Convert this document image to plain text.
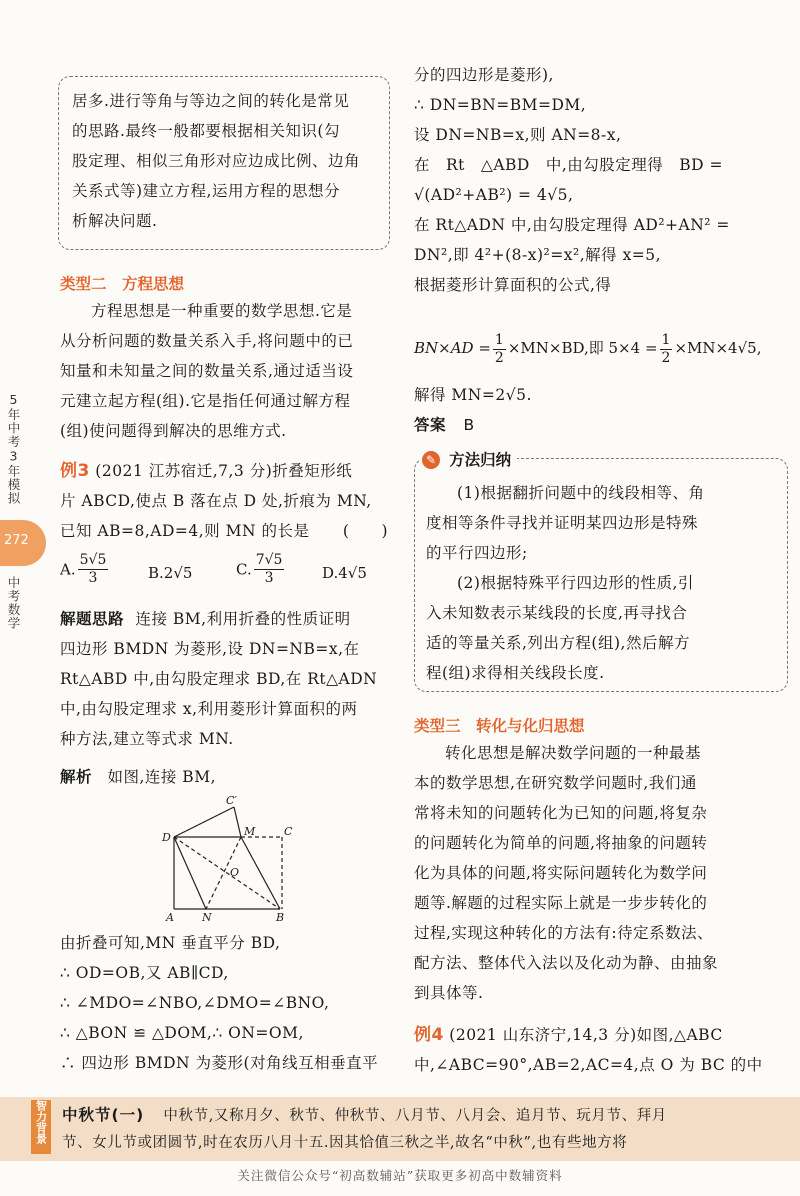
5年中考3年模拟
272
中考数学
居多.进行等角与等边之间的转化是常见
的思路.最终一般都要根据相关知识(勾
股定理、相似三角形对应边成比例、边角
关系式等)建立方程,运用方程的思想分
析解决问题.
类型二　方程思想
方程思想是一种重要的数学思想.它是
从分析问题的数量关系入手,将问题中的已
知量和未知量之间的数量关系,通过适当设
元建立起方程(组).它是指任何通过解方程
(组)使问题得到解决的思维方式.
例3 (2021 江苏宿迁,7,3 分)折叠矩形纸
片 ABCD,使点 B 落在点 D 处,折痕为 MN,
已知 AB=8,AD=4,则 MN 的长是 (　　)
A. $\frac{5√5}{3}$	B.2√5	C. $\frac{7√5}{3}$	D.4√5
解题思路 连接 BM,利用折叠的性质证明
四边形 BMDN 为菱形,设 DN=NB=x,在
Rt△ABD 中,由勾股定理求 BD,在 Rt△ADN
中,由勾股定理求 x,利用菱形计算面积的两
种方法,建立等式求 MN.
解析 如图,连接 BM,
C′
D	M	C
O
A	N	B
由折叠可知,MN 垂直平分 BD,
∴ OD=OB,又 AB∥CD,
∴ ∠MDO=∠NBO,∠DMO=∠BNO,
∴ △BON ≌ △DOM,∴ ON=OM,
∴ 四边形 BMDN 为菱形(对角线互相垂直平
分的四边形是菱形),
∴ DN=BN=BM=DM,
设 DN=NB=x,则 AN=8-x,
在　Rt　△ABD　中,由勾股定理得　BD =
√(AD²+AB²) = 4√5,
在 Rt△ADN 中,由勾股定理得 AD²+AN² =
DN²,即 4²+(8-x)²=x²,解得 x=5,
根据菱形计算面积的公式,得
$BN\times AD = \frac{1}{2} \times MN\times BD$,即 $5\times 4 = \frac{1}{2} \times MN\times 4√5$,
解得 MN=2√5.
答案 B
✎ 方法归纳
(1)根据翻折问题中的线段相等、角
度相等条件寻找并证明某四边形是特殊
的平行四边形;
(2)根据特殊平行四边形的性质,引
入未知数表示某线段的长度,再寻找合
适的等量关系,列出方程(组),然后解方
程(组)求得相关线段长度.
类型三　转化与化归思想
转化思想是解决数学问题的一种最基
本的数学思想,在研究数学问题时,我们通
常将未知的问题转化为已知的问题,将复杂
的问题转化为简单的问题,将抽象的问题转
化为具体的问题,将实际问题转化为数学问
题等.解题的过程实际上就是一步步转化的
过程,实现这种转化的方法有:待定系数法、
配方法、整体代入法以及化动为静、由抽象
到具体等.
例4 (2021 山东济宁,14,3 分)如图,△ABC
中,∠ABC=90°,AB=2,AC=4,点 O 为 BC 的中
智力背景 中秋节(一) 中秋节,又称月夕、秋节、仲秋节、八月节、八月会、追月节、玩月节、拜月
节、女儿节或团圆节,时在农历八月十五.因其恰值三秋之半,故名“中秋”,也有些地方将
关注微信公众号“初高数辅站”获取更多初高中数辅资料
